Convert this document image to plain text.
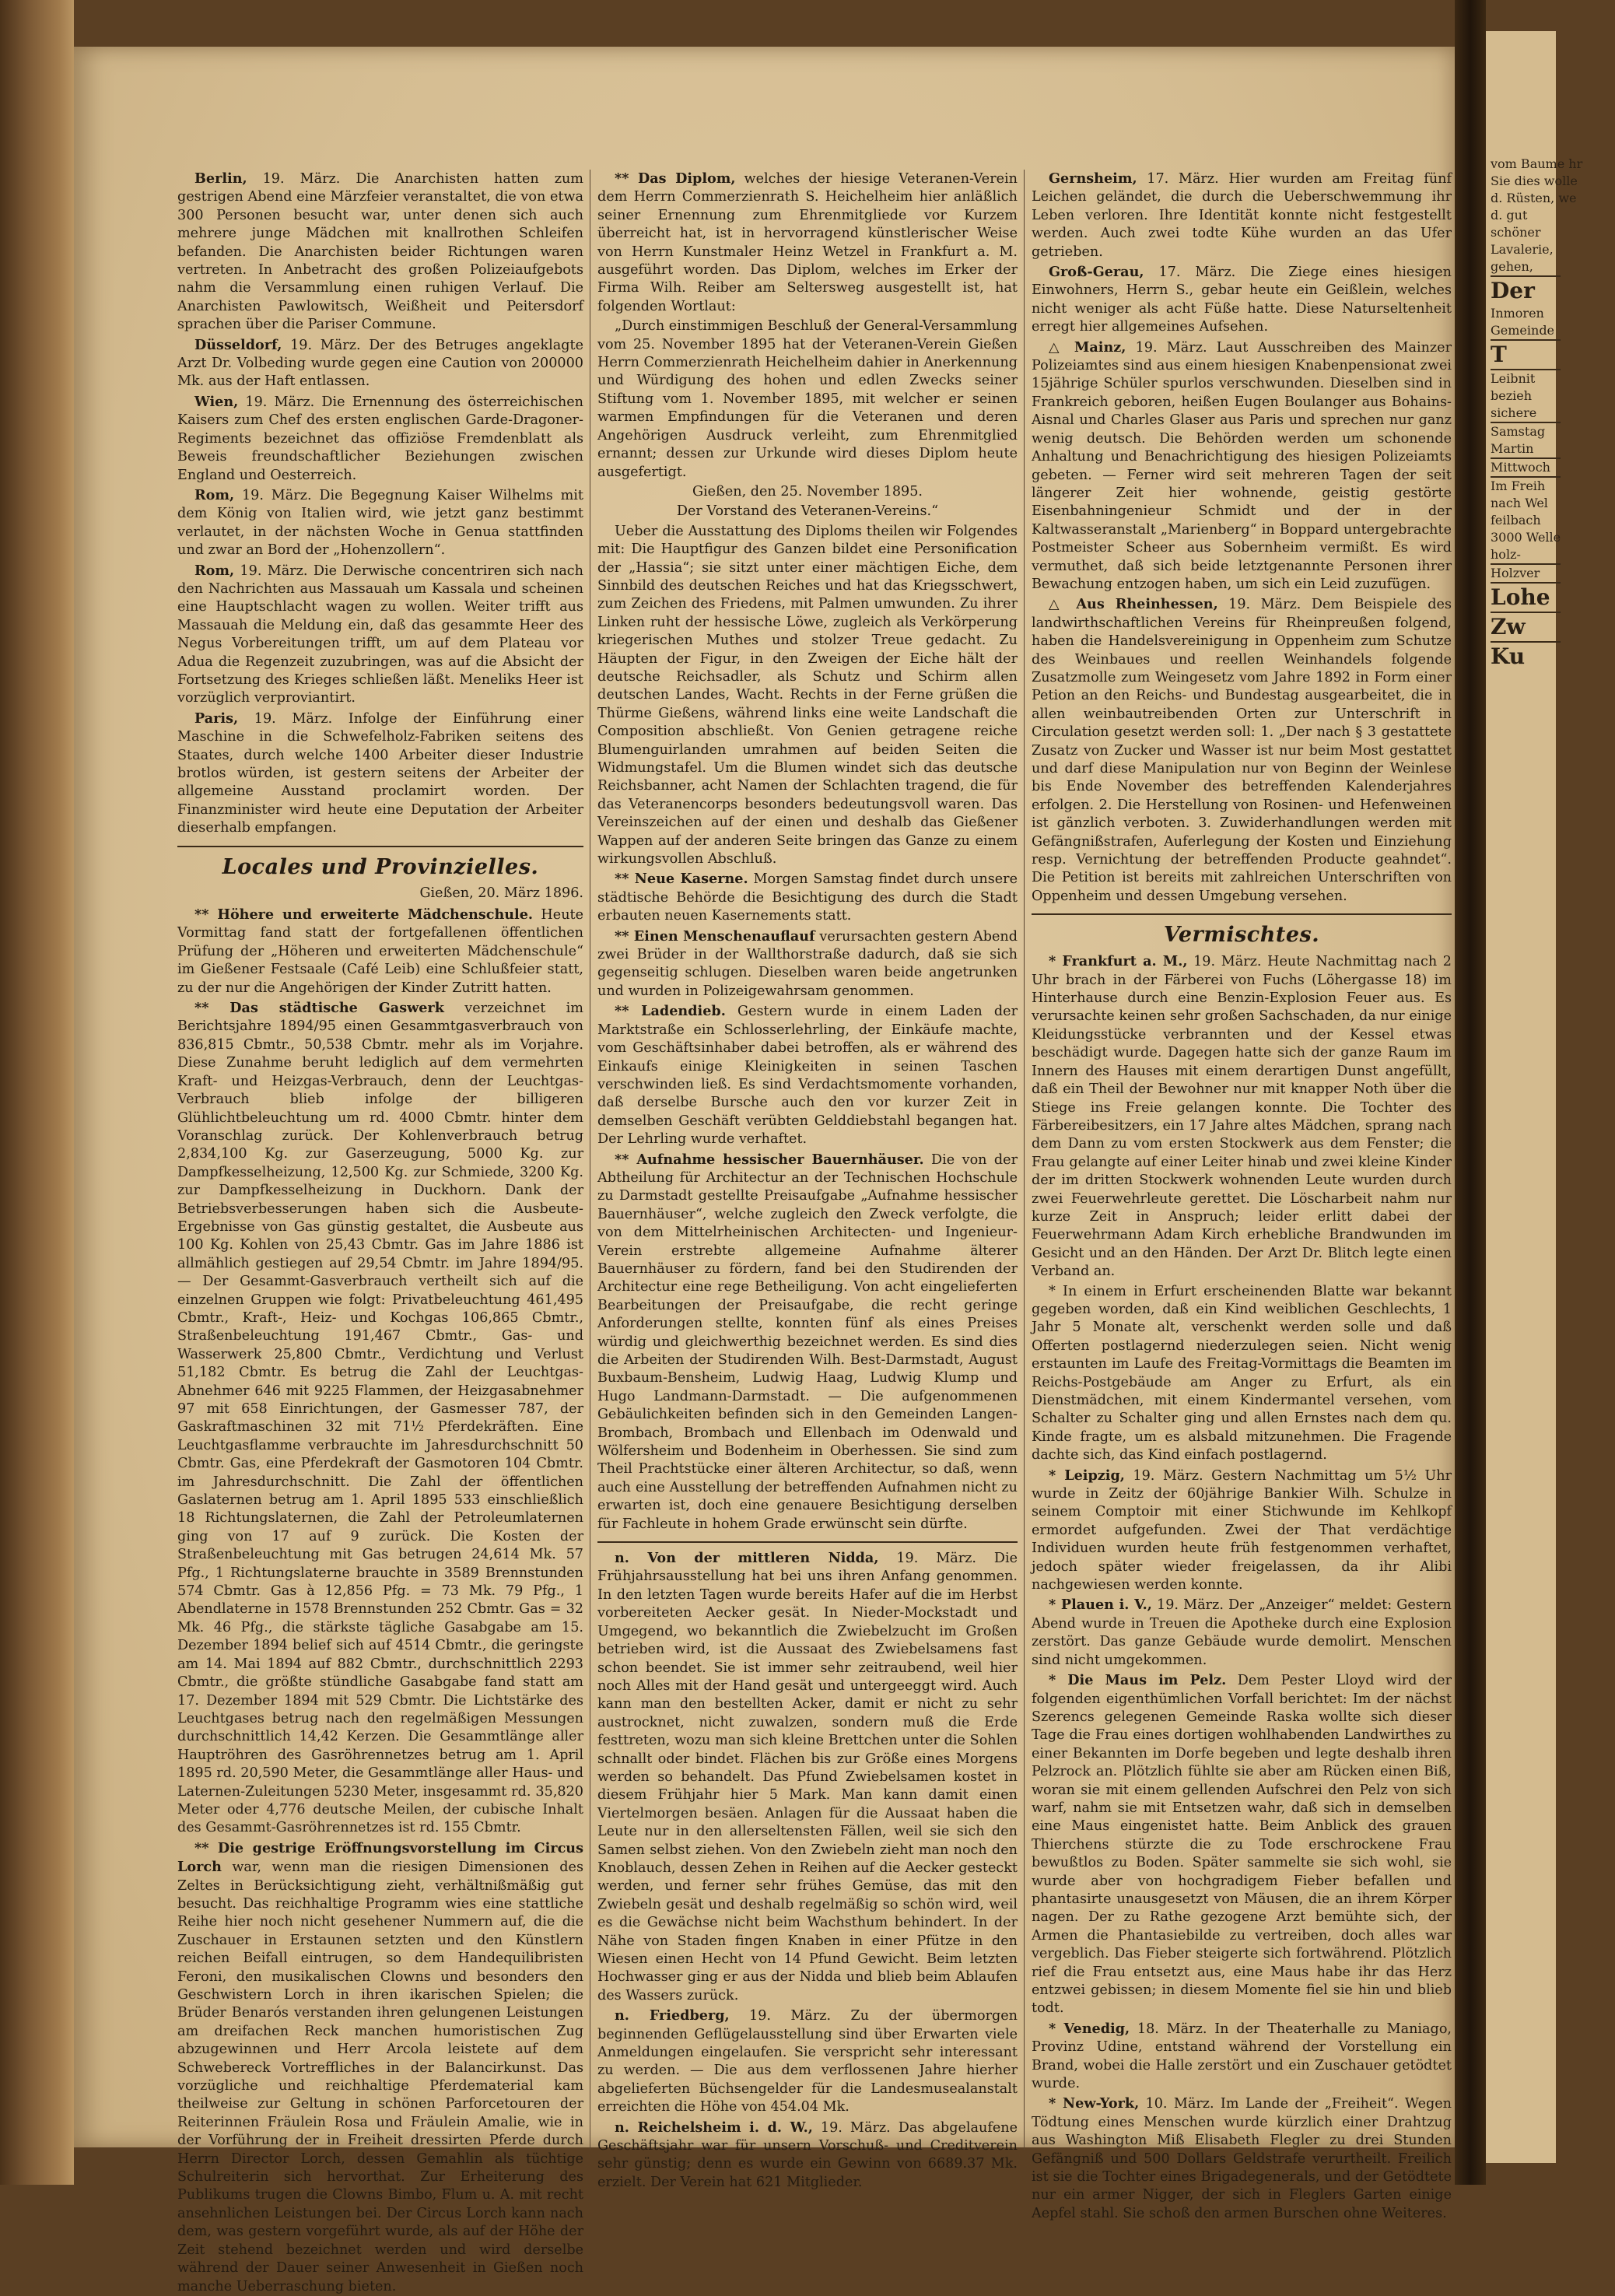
Berlin, 19. März. Die Anarchisten hatten zum gestrigen Abend eine Märzfeier veranstaltet, die von etwa 300 Personen besucht war, unter denen sich auch mehrere junge Mädchen mit knallrothen Schleifen befanden. Die Anarchisten beider Richtungen waren vertreten. In Anbetracht des großen Polizeiaufgebots nahm die Versammlung einen ruhigen Verlauf. Die Anarchisten Pawlowitsch, Weißheit und Peitersdorf sprachen über die Pariser Commune.

Düsseldorf, 19. März. Der des Betruges angeklagte Arzt Dr. Volbeding wurde gegen eine Caution von 200000 Mk. aus der Haft entlassen.

Wien, 19. März. Die Ernennung des österreichischen Kaisers zum Chef des ersten englischen Garde-Dragoner-Regiments bezeichnet das offiziöse Fremdenblatt als Beweis freundschaftlicher Beziehungen zwischen England und Oesterreich.

Rom, 19. März. Die Begegnung Kaiser Wilhelms mit dem König von Italien wird, wie jetzt ganz bestimmt verlautet, in der nächsten Woche in Genua stattfinden und zwar an Bord der „Hohenzollern“.

Rom, 19. März. Die Derwische concentriren sich nach den Nachrichten aus Massauah um Kassala und scheinen eine Hauptschlacht wagen zu wollen. Weiter trifft aus Massauah die Meldung ein, daß das gesammte Heer des Negus Vorbereitungen trifft, um auf dem Plateau vor Adua die Regenzeit zuzubringen, was auf die Absicht der Fortsetzung des Krieges schließen läßt. Meneliks Heer ist vorzüglich verproviantirt.

Paris, 19. März. Infolge der Einführung einer Maschine in die Schwefelholz-Fabriken seitens des Staates, durch welche 1400 Arbeiter dieser Industrie brotlos würden, ist gestern seitens der Arbeiter der allgemeine Ausstand proclamirt worden. Der Finanzminister wird heute eine Deputation der Arbeiter dieserhalb empfangen.

Locales und Provinzielles.

Gießen, 20. März 1896.

** Höhere und erweiterte Mädchenschule. Heute Vormittag fand statt der fortgefallenen öffentlichen Prüfung der „Höheren und erweiterten Mädchenschule“ im Gießener Festsaale (Café Leib) eine Schlußfeier statt, zu der nur die Angehörigen der Kinder Zutritt hatten.

** Das städtische Gaswerk verzeichnet im Berichtsjahre 1894/95 einen Gesammtgasverbrauch von 836,815 Cbmtr., 50,538 Cbmtr. mehr als im Vorjahre. Diese Zunahme beruht lediglich auf dem vermehrten Kraft- und Heizgas-Verbrauch, denn der Leuchtgas-Verbrauch blieb infolge der billigeren Glühlichtbeleuchtung um rd. 4000 Cbmtr. hinter dem Voranschlag zurück. Der Kohlenverbrauch betrug 2,834,100 Kg. zur Gaserzeugung, 5000 Kg. zur Dampfkesselheizung, 12,500 Kg. zur Schmiede, 3200 Kg. zur Dampfkesselheizung in Duckhorn. Dank der Betriebsverbesserungen haben sich die Ausbeute-Ergebnisse von Gas günstig gestaltet, die Ausbeute aus 100 Kg. Kohlen von 25,43 Cbmtr. Gas im Jahre 1886 ist allmählich gestiegen auf 29,54 Cbmtr. im Jahre 1894/95. — Der Gesammt-Gasverbrauch vertheilt sich auf die einzelnen Gruppen wie folgt: Privatbeleuchtung 461,495 Cbmtr., Kraft-, Heiz- und Kochgas 106,865 Cbmtr., Straßenbeleuchtung 191,467 Cbmtr., Gas- und Wasserwerk 25,800 Cbmtr., Verdichtung und Verlust 51,182 Cbmtr. Es betrug die Zahl der Leuchtgas-Abnehmer 646 mit 9225 Flammen, der Heizgasabnehmer 97 mit 658 Einrichtungen, der Gasmesser 787, der Gaskraftmaschinen 32 mit 71½ Pferdekräften. Eine Leuchtgasflamme verbrauchte im Jahresdurchschnitt 50 Cbmtr. Gas, eine Pferdekraft der Gasmotoren 104 Cbmtr. im Jahresdurchschnitt. Die Zahl der öffentlichen Gaslaternen betrug am 1. April 1895 533 einschließlich 18 Richtungslaternen, die Zahl der Petroleumlaternen ging von 17 auf 9 zurück. Die Kosten der Straßenbeleuchtung mit Gas betrugen 24,614 Mk. 57 Pfg., 1 Richtungslaterne brauchte in 3589 Brennstunden 574 Cbmtr. Gas à 12,856 Pfg. = 73 Mk. 79 Pfg., 1 Abendlaterne in 1578 Brennstunden 252 Cbmtr. Gas = 32 Mk. 46 Pfg., die stärkste tägliche Gasabgabe am 15. Dezember 1894 belief sich auf 4514 Cbmtr., die geringste am 14. Mai 1894 auf 882 Cbmtr., durchschnittlich 2293 Cbmtr., die größte stündliche Gasabgabe fand statt am 17. Dezember 1894 mit 529 Cbmtr. Die Lichtstärke des Leuchtgases betrug nach den regelmäßigen Messungen durchschnittlich 14,42 Kerzen. Die Gesammtlänge aller Hauptröhren des Gasröhrennetzes betrug am 1. April 1895 rd. 20,590 Meter, die Gesammtlänge aller Haus- und Laternen-Zuleitungen 5230 Meter, insgesammt rd. 35,820 Meter oder 4,776 deutsche Meilen, der cubische Inhalt des Gesammt-Gasröhrennetzes ist rd. 155 Cbmtr.

** Die gestrige Eröffnungsvorstellung im Circus Lorch war, wenn man die riesigen Dimensionen des Zeltes in Berücksichtigung zieht, verhältnißmäßig gut besucht. Das reichhaltige Programm wies eine stattliche Reihe hier noch nicht gesehener Nummern auf, die die Zuschauer in Erstaunen setzten und den Künstlern reichen Beifall eintrugen, so dem Handequilibristen Feroni, den musikalischen Clowns und besonders den Geschwistern Lorch in ihren ikarischen Spielen; die Brüder Benarós verstanden ihren gelungenen Leistungen am dreifachen Reck manchen humoristischen Zug abzugewinnen und Herr Arcola leistete auf dem Schwebereck Vortreffliches in der Balancirkunst. Das vorzügliche und reichhaltige Pferdematerial kam theilweise zur Geltung in schönen Parforcetouren der Reiterinnen Fräulein Rosa und Fräulein Amalie, wie in der Vorführung der in Freiheit dressirten Pferde durch Herrn Director Lorch, dessen Gemahlin als tüchtige Schulreiterin sich hervorthat. Zur Erheiterung des Publikums trugen die Clowns Bimbo, Flum u. A. mit recht ansehnlichen Leistungen bei. Der Circus Lorch kann nach dem, was gestern vorgeführt wurde, als auf der Höhe der Zeit stehend bezeichnet werden und wird derselbe während der Dauer seiner Anwesenheit in Gießen noch manche Ueberraschung bieten.

** Das Diplom, welches der hiesige Veteranen-Verein dem Herrn Commerzienrath S. Heichelheim hier anläßlich seiner Ernennung zum Ehrenmitgliede vor Kurzem überreicht hat, ist in hervorragend künstlerischer Weise von Herrn Kunstmaler Heinz Wetzel in Frankfurt a. M. ausgeführt worden. Das Diplom, welches im Erker der Firma Wilh. Reiber am Seltersweg ausgestellt ist, hat folgenden Wortlaut:

„Durch einstimmigen Beschluß der General-Versammlung vom 25. November 1895 hat der Veteranen-Verein Gießen Herrn Commerzienrath Heichelheim dahier in Anerkennung und Würdigung des hohen und edlen Zwecks seiner Stiftung vom 1. November 1895, mit welcher er seinen warmen Empfindungen für die Veteranen und deren Angehörigen Ausdruck verleiht, zum Ehrenmitglied ernannt; dessen zur Urkunde wird dieses Diplom heute ausgefertigt.

Gießen, den 25. November 1895.

Der Vorstand des Veteranen-Vereins.“

Ueber die Ausstattung des Diploms theilen wir Folgendes mit: Die Hauptfigur des Ganzen bildet eine Personification der „Hassia“; sie sitzt unter einer mächtigen Eiche, dem Sinnbild des deutschen Reiches und hat das Kriegsschwert, zum Zeichen des Friedens, mit Palmen umwunden. Zu ihrer Linken ruht der hessische Löwe, zugleich als Verkörperung kriegerischen Muthes und stolzer Treue gedacht. Zu Häupten der Figur, in den Zweigen der Eiche hält der deutsche Reichsadler, als Schutz und Schirm allen deutschen Landes, Wacht. Rechts in der Ferne grüßen die Thürme Gießens, während links eine weite Landschaft die Composition abschließt. Von Genien getragene reiche Blumenguirlanden umrahmen auf beiden Seiten die Widmungstafel. Um die Blumen windet sich das deutsche Reichsbanner, acht Namen der Schlachten tragend, die für das Veteranencorps besonders bedeutungsvoll waren. Das Vereinszeichen auf der einen und deshalb das Gießener Wappen auf der anderen Seite bringen das Ganze zu einem wirkungsvollen Abschluß.

** Neue Kaserne. Morgen Samstag findet durch unsere städtische Behörde die Besichtigung des durch die Stadt erbauten neuen Kasernements statt.

** Einen Menschenauflauf verursachten gestern Abend zwei Brüder in der Wallthorstraße dadurch, daß sie sich gegenseitig schlugen. Dieselben waren beide angetrunken und wurden in Polizeigewahrsam genommen.

** Ladendieb. Gestern wurde in einem Laden der Marktstraße ein Schlosserlehrling, der Einkäufe machte, vom Geschäftsinhaber dabei betroffen, als er während des Einkaufs einige Kleinigkeiten in seinen Taschen verschwinden ließ. Es sind Verdachtsmomente vorhanden, daß derselbe Burschе auch den vor kurzer Zeit in demselben Geschäft verübten Gelddiebstahl begangen hat. Der Lehrling wurde verhaftet.

** Aufnahme hessischer Bauernhäuser. Die von der Abtheilung für Architectur an der Technischen Hochschule zu Darmstadt gestellte Preisaufgabe „Aufnahme hessischer Bauernhäuser“, welche zugleich den Zweck verfolgte, die von dem Mittelrheinischen Architecten- und Ingenieur-Verein erstrebte allgemeine Aufnahme älterer Bauernhäuser zu fördern, fand bei den Studirenden der Architectur eine rege Betheiligung. Von acht eingelieferten Bearbeitungen der Preisaufgabe, die recht geringe Anforderungen stellte, konnten fünf als eines Preises würdig und gleichwerthig bezeichnet werden. Es sind dies die Arbeiten der Studirenden Wilh. Best-Darmstadt, August Buxbaum-Bensheim, Ludwig Haag, Ludwig Klump und Hugo Landmann-Darmstadt. — Die aufgenommenen Gebäulichkeiten befinden sich in den Gemeinden Langen-Brombach, Brombach und Ellenbach im Odenwald und Wölfersheim und Bodenheim in Oberhessen. Sie sind zum Theil Prachtstücke einer älteren Architectur, so daß, wenn auch eine Ausstellung der betreffenden Aufnahmen nicht zu erwarten ist, doch eine genauere Besichtigung derselben für Fachleute in hohem Grade erwünscht sein dürfte.

n. Von der mittleren Nidda, 19. März. Die Frühjahrsausstellung hat bei uns ihren Anfang genommen. In den letzten Tagen wurde bereits Hafer auf die im Herbst vorbereiteten Aecker gesät. In Nieder-Mockstadt und Umgegend, wo bekanntlich die Zwiebelzucht im Großen betrieben wird, ist die Aussaat des Zwiebelsamens fast schon beendet. Sie ist immer sehr zeitraubend, weil hier noch Alles mit der Hand gesät und untergeeggt wird. Auch kann man den bestellten Acker, damit er nicht zu sehr austrocknet, nicht zuwalzen, sondern muß die Erde festtreten, wozu man sich kleine Brettchen unter die Sohlen schnallt oder bindet. Flächen bis zur Größe eines Morgens werden so behandelt. Das Pfund Zwiebelsamen kostet in diesem Frühjahr hier 5 Mark. Man kann damit einen Viertelmorgen besäen. Anlagen für die Aussaat haben die Leute nur in den allerseltensten Fällen, weil sie sich den Samen selbst ziehen. Von den Zwiebeln zieht man noch den Knoblauch, dessen Zehen in Reihen auf die Aecker gesteckt werden, und ferner sehr frühes Gemüse, das mit den Zwiebeln gesät und deshalb regelmäßig so schön wird, weil es die Gewächse nicht beim Wachsthum behindert. In der Nähe von Staden fingen Knaben in einer Pfütze in den Wiesen einen Hecht von 14 Pfund Gewicht. Beim letzten Hochwasser ging er aus der Nidda und blieb beim Ablaufen des Wassers zurück.

n. Friedberg, 19. März. Zu der übermorgen beginnenden Geflügelausstellung sind über Erwarten viele Anmeldungen eingelaufen. Sie verspricht sehr interessant zu werden. — Die aus dem verflossenen Jahre hierher abgelieferten Büchsengelder für die Landesmusealanstalt erreichten die Höhe von 454.04 Mk.

n. Reichelsheim i. d. W., 19. März. Das abgelaufene Geschäftsjahr war für unsern Vorschuß- und Creditverein sehr günstig; denn es wurde ein Gewinn von 6689.37 Mk. erzielt. Der Verein hat 621 Mitglieder.

Gernsheim, 17. März. Hier wurden am Freitag fünf Leichen geländet, die durch die Ueberschwemmung ihr Leben verloren. Ihre Identität konnte nicht festgestellt werden. Auch zwei todte Kühe wurden an das Ufer getrieben.

Groß-Gerau, 17. März. Die Ziege eines hiesigen Einwohners, Herrn S., gebar heute ein Geißlein, welches nicht weniger als acht Füße hatte. Diese Naturseltenheit erregt hier allgemeines Aufsehen.

△ Mainz, 19. März. Laut Ausschreiben des Mainzer Polizeiamtes sind aus einem hiesigen Knabenpensionat zwei 15jährige Schüler spurlos verschwunden. Dieselben sind in Frankreich geboren, heißen Eugen Boulanger aus Bohains-Aisnal und Charles Glaser aus Paris und sprechen nur ganz wenig deutsch. Die Behörden werden um schonende Anhaltung und Benachrichtigung des hiesigen Polizeiamts gebeten. — Ferner wird seit mehreren Tagen der seit längerer Zeit hier wohnende, geistig gestörte Eisenbahningenieur Schmidt und der in der Kaltwasseranstalt „Marienberg“ in Boppard untergebrachte Postmeister Scheer aus Sobernheim vermißt. Es wird vermuthet, daß sich beide letztgenannte Personen ihrer Bewachung entzogen haben, um sich ein Leid zuzufügen.

△ Aus Rheinhessen, 19. März. Dem Beispiele des landwirthschaftlichen Vereins für Rheinpreußen folgend, haben die Handelsvereinigung in Oppenheim zum Schutze des Weinbaues und reellen Weinhandels folgende Zusatzmolle zum Weingesetz vom Jahre 1892 in Form einer Petion an den Reichs- und Bundestag ausgearbeitet, die in allen weinbautreibenden Orten zur Unterschrift in Circulation gesetzt werden soll: 1. „Der nach § 3 gestattete Zusatz von Zucker und Wasser ist nur beim Most gestattet und darf diese Manipulation nur von Beginn der Weinlese bis Ende November des betreffenden Kalenderjahres erfolgen. 2. Die Herstellung von Rosinen- und Hefenweinen ist gänzlich verboten. 3. Zuwiderhandlungen werden mit Gefängnißstrafen, Auferlegung der Kosten und Einziehung resp. Vernichtung der betreffenden Producte geahndet“. Die Petition ist bereits mit zahlreichen Unterschriften von Oppenheim und dessen Umgebung versehen.

Vermischtes.

* Frankfurt a. M., 19. März. Heute Nachmittag nach 2 Uhr brach in der Färberei von Fuchs (Löhergasse 18) im Hinterhause durch eine Benzin-Explosion Feuer aus. Es verursachte keinen sehr großen Sachschaden, da nur einige Kleidungsstücke verbrannten und der Kessel etwas beschädigt wurde. Dagegen hatte sich der ganze Raum im Innern des Hauses mit einem derartigen Dunst angefüllt, daß ein Theil der Bewohner nur mit knapper Noth über die Stiege ins Freie gelangen konnte. Die Tochter des Färbereibesitzers, ein 17 Jahre altes Mädchen, sprang nach dem Dann zu vom ersten Stockwerk aus dem Fenster; die Frau gelangte auf einer Leiter hinab und zwei kleine Kinder der im dritten Stockwerk wohnenden Leute wurden durch zwei Feuerwehrleute gerettet. Die Löscharbeit nahm nur kurze Zeit in Anspruch; leider erlitt dabei der Feuerwehrmann Adam Kirch erhebliche Brandwunden im Gesicht und an den Händen. Der Arzt Dr. Blitch legte einen Verband an.

* In einem in Erfurt erscheinenden Blatte war bekannt gegeben worden, daß ein Kind weiblichen Geschlechts, 1 Jahr 5 Monate alt, verschenkt werden solle und daß Offerten postlagernd niederzulegen seien. Nicht wenig erstaunten im Laufe des Freitag-Vormittags die Beamten im Reichs-Postgebäude am Anger zu Erfurt, als ein Dienstmädchen, mit einem Kindermantel versehen, vom Schalter zu Schalter ging und allen Ernstes nach dem qu. Kinde fragte, um es alsbald mitzunehmen. Die Fragende dachte sich, das Kind einfach postlagernd.

* Leipzig, 19. März. Gestern Nachmittag um 5½ Uhr wurde in Zeitz der 60jährige Bankier Wilh. Schulze in seinem Comptoir mit einer Stichwunde im Kehlkopf ermordet aufgefunden. Zwei der That verdächtige Individuen wurden heute früh festgenommen verhaftet, jedoch später wieder freigelassen, da ihr Alibi nachgewiesen werden konnte.

* Plauen i. V., 19. März. Der „Anzeiger“ meldet: Gestern Abend wurde in Treuen die Apotheke durch eine Explosion zerstört. Das ganze Gebäude wurde demolirt. Menschen sind nicht umgekommen.

* Die Maus im Pelz. Dem Pester Lloyd wird der folgenden eigenthümlichen Vorfall berichtet: Im der nächst Szerencs gelegenen Gemeinde Raska wollte sich dieser Tage die Frau eines dortigen wohlhabenden Landwirthes zu einer Bekannten im Dorfe begeben und legte deshalb ihren Pelzrock an. Plötzlich fühlte sie aber am Rücken einen Biß, woran sie mit einem gellenden Aufschrei den Pelz von sich warf, nahm sie mit Entsetzen wahr, daß sich in demselben eine Maus eingenistet hatte. Beim Anblick des grauen Thierchens stürzte die zu Tode erschrockene Frau bewußtlos zu Boden. Später sammelte sie sich wohl, sie wurde aber von hochgradigem Fieber befallen und phantasirte unausgesetzt von Mäusen, die an ihrem Körper nagen. Der zu Rathe gezogene Arzt bemühte sich, der Armen die Phantasiebilde zu vertreiben, doch alles war vergeblich. Das Fieber steigerte sich fortwährend. Plötzlich rief die Frau entsetzt aus, eine Maus habe ihr das Herz entzwei gebissen; in diesem Momente fiel sie hin und blieb todt.

* Venedig, 18. März. In der Theaterhalle zu Maniago, Provinz Udine, entstand während der Vorstellung ein Brand, wobei die Halle zerstört und ein Zuschauer getödtet wurde.

* New-York, 10. März. Im Lande der „Freiheit“. Wegen Tödtung eines Menschen wurde kürzlich einer Drahtzug aus Washington Miß Elisabeth Flegler zu drei Stunden Gefängniß und 500 Dollars Geldstrafe verurtheilt. Freilich ist sie die Tochter eines Brigadegenerals, und der Getödtete nur ein armer Nigger, der sich in Fleglers Garten einige Aepfel stahl. Sie schoß den armen Burschen ohne Weiteres.

vom Baume hr
Sie dies wolle
d. Rüsten, we
d. gut
schöner
Lavalerie,
gehen,
Der
Inmoren
Gemeinde
T
Leibnit
bezieh
sichere
Samstag
Martin
Mittwoch
Im Freih
nach Wel
feilbach
3000 Welle
holz-
Holzver
Lohe
Zw
Ku
